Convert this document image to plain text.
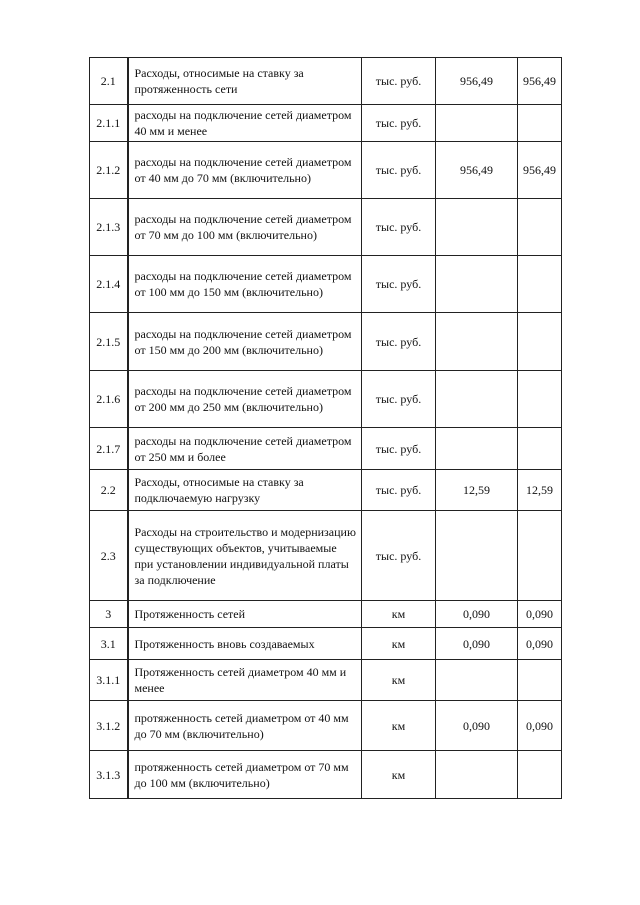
2.1	Расходы, относимые на ставку за протяженность сети	тыс. руб.	956,49	956,49
2.1.1	расходы на подключение сетей диаметром 40 мм и менее	тыс. руб.		
2.1.2	расходы на подключение сетей диаметром от 40 мм до 70 мм (включительно)	тыс. руб.	956,49	956,49
2.1.3	расходы на подключение сетей диаметром от 70 мм до 100 мм (включительно)	тыс. руб.		
2.1.4	расходы на подключение сетей диаметром от 100 мм до 150 мм (включительно)	тыс. руб.		
2.1.5	расходы на подключение сетей диаметром от 150 мм до 200 мм (включительно)	тыс. руб.		
2.1.6	расходы на подключение сетей диаметром от 200 мм до 250 мм (включительно)	тыс. руб.		
2.1.7	расходы на подключение сетей диаметром от 250 мм и более	тыс. руб.		
2.2	Расходы, относимые на ставку за подключаемую нагрузку	тыс. руб.	12,59	12,59
2.3	Расходы на строительство и модернизацию существующих объектов, учитываемые при установлении индивидуальной платы за подключение	тыс. руб.		
3	Протяженность сетей	км	0,090	0,090
3.1	Протяженность вновь создаваемых	км	0,090	0,090
3.1.1	Протяженность сетей диаметром 40 мм и менее	км		
3.1.2	протяженность сетей диаметром от 40 мм до 70 мм (включительно)	км	0,090	0,090
3.1.3	протяженность сетей диаметром от 70 мм до 100 мм (включительно)	км		
